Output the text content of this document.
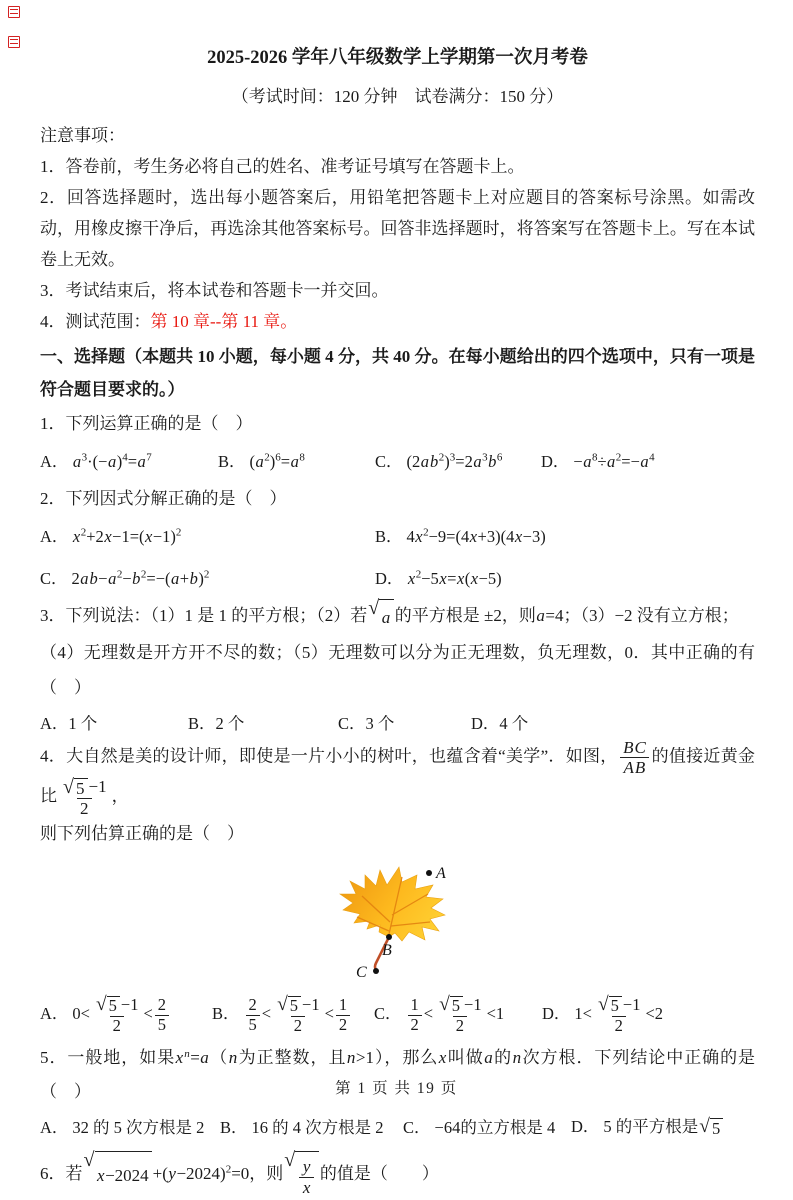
2025-2026 学年八年级数学上学期第一次月考卷
（考试时间：120 分钟　试卷满分：150 分）
注意事项：
1．答卷前，考生务必将自己的姓名、准考证号填写在答题卡上。
2．回答选择题时，选出每小题答案后，用铅笔把答题卡上对应题目的答案标号涂黑。如需改动，用橡皮擦干净后，再选涂其他答案标号。回答非选择题时，将答案写在答题卡上。写在本试卷上无效。
3．考试结束后，将本试卷和答题卡一并交回。
4．测试范围：第 10 章--第 11 章。
一、选择题（本题共 10 小题，每小题 4 分，共 40 分。在每小题给出的四个选项中，只有一项是符合题目要求的。）
1．下列运算正确的是（　）
A． $a^3\cdot(-a)^4=a^7$	B． $(a^2)^6=a^8$	C． $(2ab^2)^3=2a^3b^6$	D． $-a^8\div a^2=-a^4$
2．下列因式分解正确的是（　）
A． $x^2+2x-1=(x-1)^2$	B． $4x^2-9=(4x+3)(4x-3)$
C． $2ab-a^2-b^2=-(a+b)^2$	D． $x^2-5x=x(x-5)$
3．下列说法：（1）1 是 1 的平方根；（2）若 √ a 的平方根是 ±2，则a=4；（3）−2 没有立方根；
（4）无理数是开方开不尽的数；（5）无理数可以分为正无理数，负无理数，0．其中正确的有（　）
A．1 个	B．2 个	C．3 个	D．4 个
4．大自然是美的设计师，即使是一片小小的树叶，也蕴含着“美学”．如图， $\frac{BC}{AB}$ 的值接近黄金比 $\frac{√ 5 -1}{2}$ ，
则下列估算正确的是（　）
A
B
C
A． $0< \frac{√ 5 -1}{2} < \frac{2}{5}$	B． $\frac{2}{5} < \frac{√ 5 -1}{2} < \frac{1}{2}$ C． $\frac{1}{2} < \frac{√ 5 -1}{2} <1$	D． $1< \frac{√ 5 -1}{2} <2$
5．一般地，如果$x^n=a(n$为正整数，且n>1），那么x叫做a的n次方根．下列结论中正确的是（　）
A． 32 的 5 次方根是 2 B． 16 的 4 次方根是 2	C． −64的立方根是 4 D． 5 的平方根是 √ 5
6．若
√
$x-2024 +(y-2024)^2=0$，则
√ $\frac{y}{x}$ 的值是（　　）
第 1 页 共 19 页
